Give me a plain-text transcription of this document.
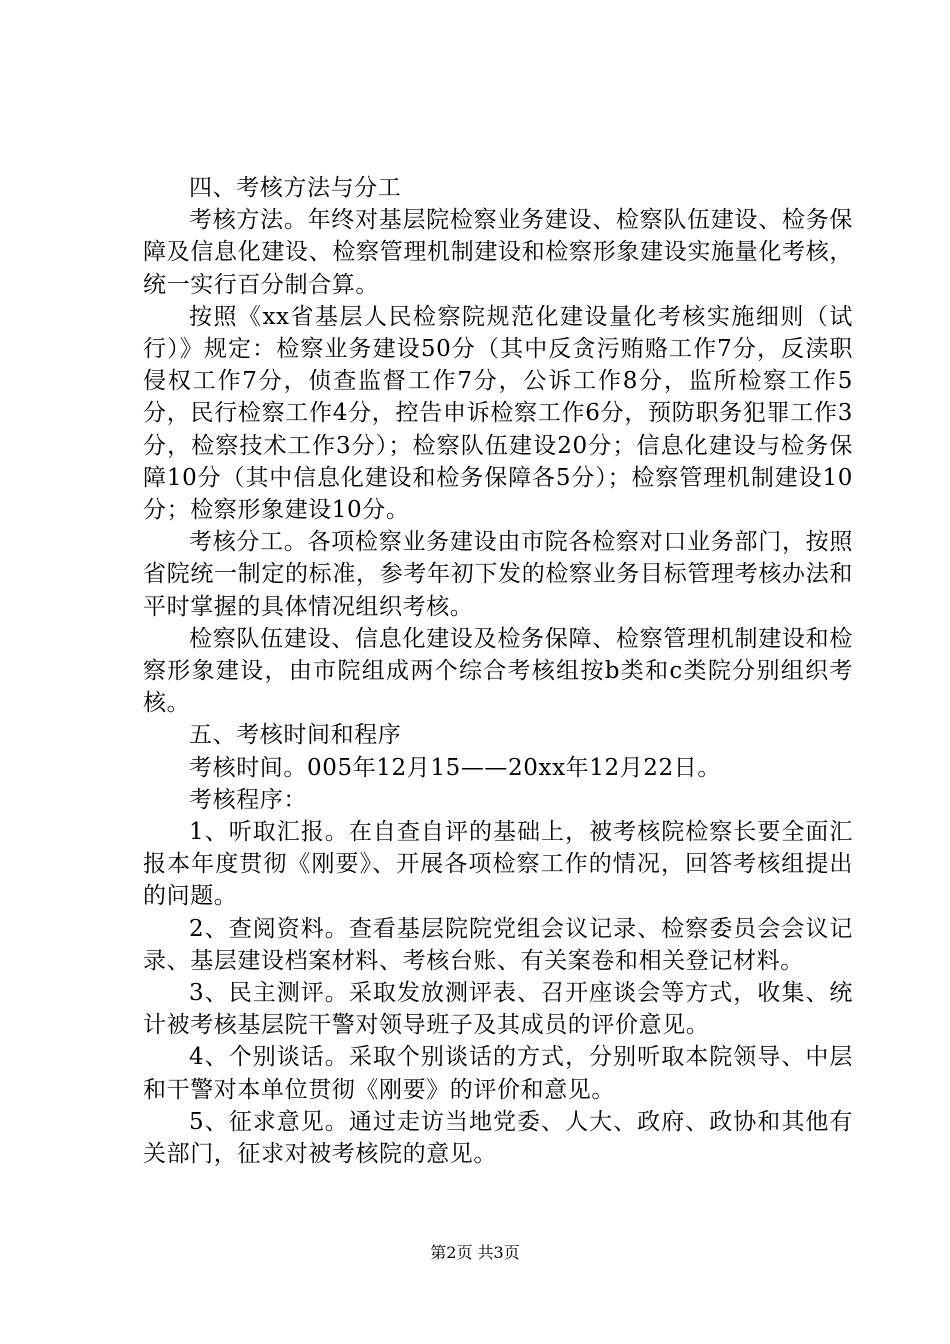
四、考核方法与分工

考核方法。年终对基层院检察业务建设、检察队伍建设、检务保障及信息化建设、检察管理机制建设和检察形象建设实施量化考核，统一实行百分制合算。

按照《xx省基层人民检察院规范化建设量化考核实施细则（试行）》规定：检察业务建设50分（其中反贪污贿赂工作7分，反渎职侵权工作7分，侦查监督工作7分，公诉工作8分，监所检察工作5分，民行检察工作4分，控告申诉检察工作6分，预防职务犯罪工作3分，检察技术工作3分）；检察队伍建设20分；信息化建设与检务保障10分（其中信息化建设和检务保障各5分）；检察管理机制建设10分；检察形象建设10分。

考核分工。各项检察业务建设由市院各检察对口业务部门，按照省院统一制定的标准，参考年初下发的检察业务目标管理考核办法和平时掌握的具体情况组织考核。

检察队伍建设、信息化建设及检务保障、检察管理机制建设和检察形象建设，由市院组成两个综合考核组按b类和c类院分别组织考核。

五、考核时间和程序

考核时间。005年12月15——20xx年12月22日。

考核程序：

1、听取汇报。在自查自评的基础上，被考核院检察长要全面汇报本年度贯彻《刚要》、开展各项检察工作的情况，回答考核组提出的问题。

2、查阅资料。查看基层院院党组会议记录、检察委员会会议记录、基层建设档案材料、考核台账、有关案卷和相关登记材料。

3、民主测评。采取发放测评表、召开座谈会等方式，收集、统计被考核基层院干警对领导班子及其成员的评价意见。

4、个别谈话。采取个别谈话的方式，分别听取本院领导、中层和干警对本单位贯彻《刚要》的评价和意见。

5、征求意见。通过走访当地党委、人大、政府、政协和其他有关部门，征求对被考核院的意见。

第2页 共3页
